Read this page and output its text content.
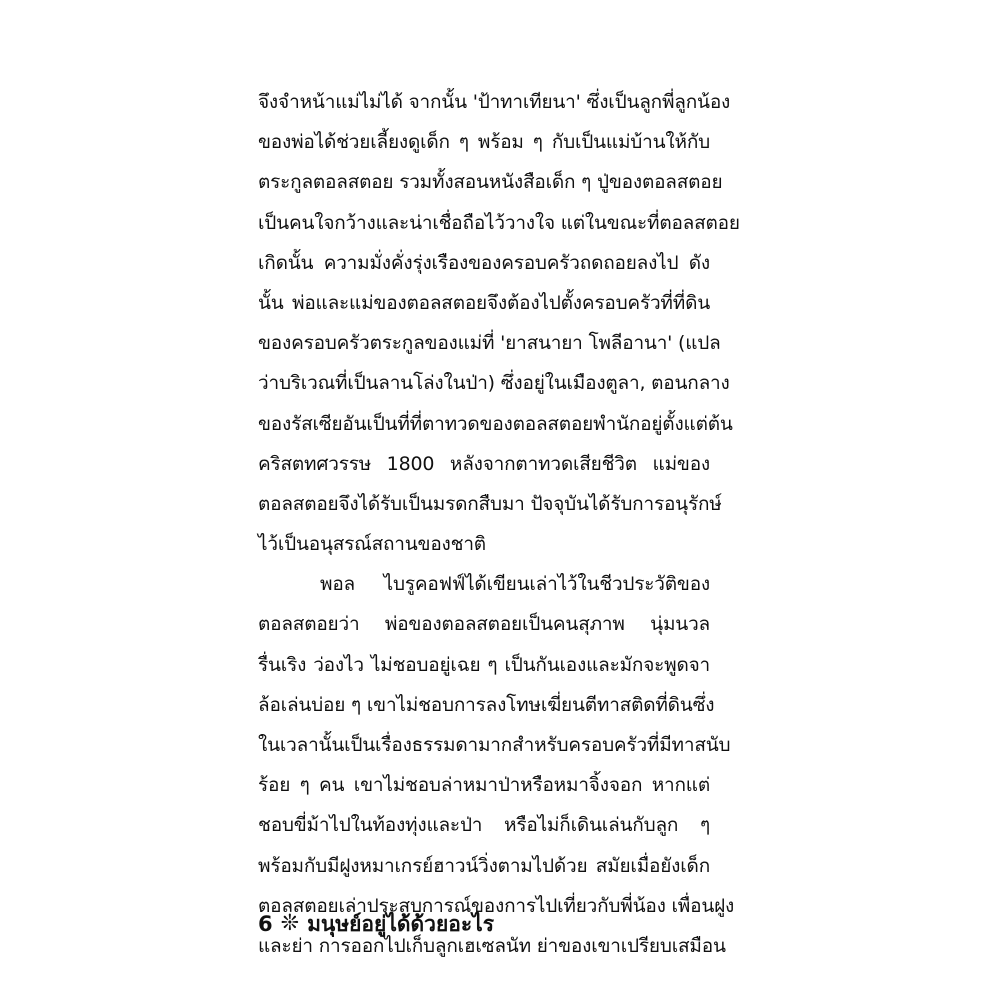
จึงจำหน้าแม่ไม่ได้ จากนั้น 'ป้าทาเทียนา' ซึ่งเป็นลูกพี่ลูกน้อง
ของพ่อได้ช่วยเลี้ยงดูเด็ก ๆ พร้อม ๆ กับเป็นแม่บ้านให้กับ
ตระกูลตอลสตอย รวมทั้งสอนหนังสือเด็ก ๆ ปู่ของตอลสตอย
เป็นคนใจกว้างและน่าเชื่อถือไว้วางใจ แต่ในขณะที่ตอลสตอย
เกิดนั้น ความมั่งคั่งรุ่งเรืองของครอบครัวถดถอยลงไป ดัง
นั้น พ่อและแม่ของตอลสตอยจึงต้องไปตั้งครอบครัวที่ที่ดิน
ของครอบครัวตระกูลของแม่ที่ 'ยาสนายา โพลีอานา' (แปล
ว่าบริเวณที่เป็นลานโล่งในป่า) ซึ่งอยู่ในเมืองตูลา, ตอนกลาง
ของรัสเซียอันเป็นที่ที่ตาทวดของตอลสตอยพำนักอยู่ตั้งแต่ต้น
คริสตทศวรรษ 1800 หลังจากตาทวดเสียชีวิต แม่ของ
ตอลสตอยจึงได้รับเป็นมรดกสืบมา ปัจจุบันได้รับการอนุรักษ์
ไว้เป็นอนุสรณ์สถานของชาติ
พอล ไบรูคอฟฟ์ได้เขียนเล่าไว้ในชีวประวัติของ
ตอลสตอยว่า พ่อของตอลสตอยเป็นคนสุภาพ นุ่มนวล
รื่นเริง ว่องไว ไม่ชอบอยู่เฉย ๆ เป็นกันเองและมักจะพูดจา
ล้อเล่นบ่อย ๆ เขาไม่ชอบการลงโทษเฆี่ยนตีทาสติดที่ดินซึ่ง
ในเวลานั้นเป็นเรื่องธรรมดามากสำหรับครอบครัวที่มีทาสนับ
ร้อย ๆ คน เขาไม่ชอบล่าหมาป่าหรือหมาจิ้งจอก หากแต่
ชอบขี่ม้าไปในท้องทุ่งและป่า หรือไม่ก็เดินเล่นกับลูก ๆ
พร้อมกับมีฝูงหมาเกรย์ฮาวน์วิ่งตามไปด้วย สมัยเมื่อยังเด็ก
ตอลสตอยเล่าประสบการณ์ของการไปเที่ยวกับพี่น้อง เพื่อนฝูง
และย่า การออกไปเก็บลูกเฮเซลนัท ย่าของเขาเปรียบเสมือน
6 ❊ มนุษย์อยู่ได้ด้วยอะไร
